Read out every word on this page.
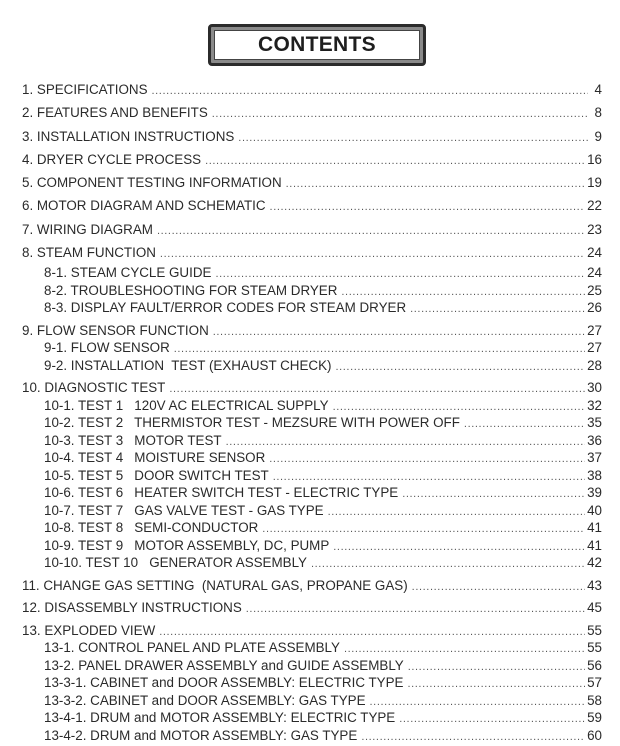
CONTENTS
1. SPECIFICATIONS .....	4
2. FEATURES AND BENEFITS .....	8
3. INSTALLATION INSTRUCTIONS .....	9
4. DRYER CYCLE PROCESS .....	16
5. COMPONENT TESTING INFORMATION .....	19
6. MOTOR DIAGRAM AND SCHEMATIC .....	22
7. WIRING DIAGRAM .....	23
8. STEAM FUNCTION .....	24
8-1. STEAM CYCLE GUIDE .....	24
8-2. TROUBLESHOOTING FOR STEAM DRYER .....	25
8-3. DISPLAY FAULT/ERROR CODES FOR STEAM DRYER .....	26
9. FLOW SENSOR FUNCTION .....	27
9-1. FLOW SENSOR .....	27
9-2. INSTALLATION  TEST (EXHAUST CHECK) .....	28
10. DIAGNOSTIC TEST .....	30
10-1. TEST 1   120V AC ELECTRICAL SUPPLY .....	32
10-2. TEST 2   THERMISTOR TEST - MEZSURE WITH POWER OFF .....	35
10-3. TEST 3   MOTOR TEST .....	36
10-4. TEST 4   MOISTURE SENSOR .....	37
10-5. TEST 5   DOOR SWITCH TEST .....	38
10-6. TEST 6   HEATER SWITCH TEST - ELECTRIC TYPE .....	39
10-7. TEST 7   GAS VALVE TEST - GAS TYPE .....	40
10-8. TEST 8   SEMI-CONDUCTOR .....	41
10-9. TEST 9   MOTOR ASSEMBLY, DC, PUMP .....	41
10-10. TEST 10   GENERATOR ASSEMBLY .....	42
11. CHANGE GAS SETTING  (NATURAL GAS, PROPANE GAS) .....	43
12. DISASSEMBLY INSTRUCTIONS .....	45
13. EXPLODED VIEW .....	55
13-1. CONTROL PANEL AND PLATE ASSEMBLY .....	55
13-2. PANEL DRAWER ASSEMBLY and GUIDE ASSEMBLY .....	56
13-3-1. CABINET and DOOR ASSEMBLY: ELECTRIC TYPE .....	57
13-3-2. CABINET and DOOR ASSEMBLY: GAS TYPE .....	58
13-4-1. DRUM and MOTOR ASSEMBLY: ELECTRIC TYPE .....	59
13-4-2. DRUM and MOTOR ASSEMBLY: GAS TYPE .....	60
